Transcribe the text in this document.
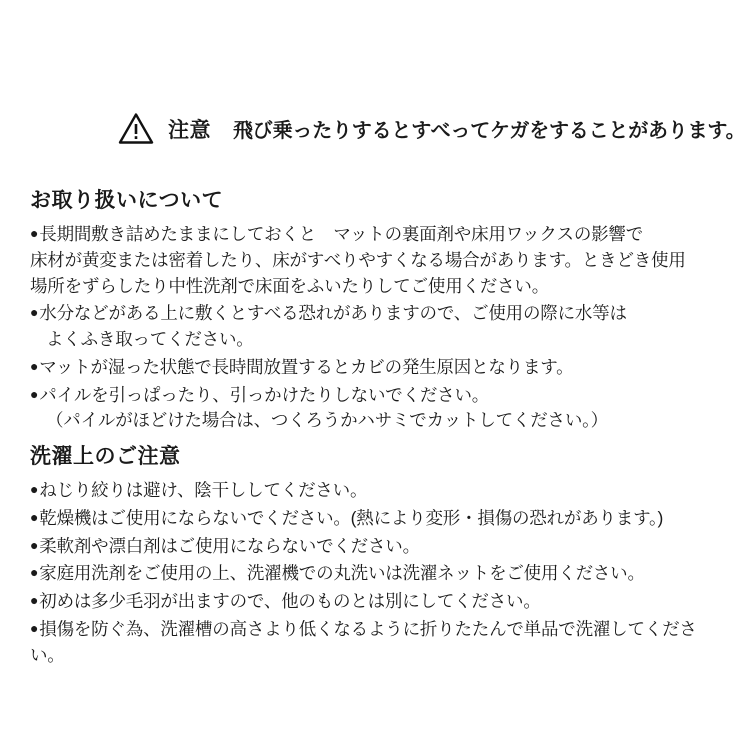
注意 飛び乗ったりするとすべってケガをすることがあります。
お取り扱いについて
●長期間敷き詰めたままにしておくと　マットの裏面剤や床用ワックスの影響で
床材が黄変または密着したり、床がすべりやすくなる場合があります。ときどき使用
場所をずらしたり中性洗剤で床面をふいたりしてご使用ください。
●水分などがある上に敷くとすべる恐れがありますので、ご使用の際に水等は
よくふき取ってください。
●マットが湿った状態で長時間放置するとカビの発生原因となります。
●パイルを引っぱったり、引っかけたりしないでください。
（パイルがほどけた場合は、つくろうかハサミでカットしてください。）
洗濯上のご注意
●ねじり絞りは避け、陰干ししてください。
●乾燥機はご使用にならないでください。(熱により変形・損傷の恐れがあります。)
●柔軟剤や漂白剤はご使用にならないでください。
●家庭用洗剤をご使用の上、洗濯機での丸洗いは洗濯ネットをご使用ください。
●初めは多少毛羽が出ますので、他のものとは別にしてください。
●損傷を防ぐ為、洗濯槽の高さより低くなるように折りたたんで単品で洗濯してください。
